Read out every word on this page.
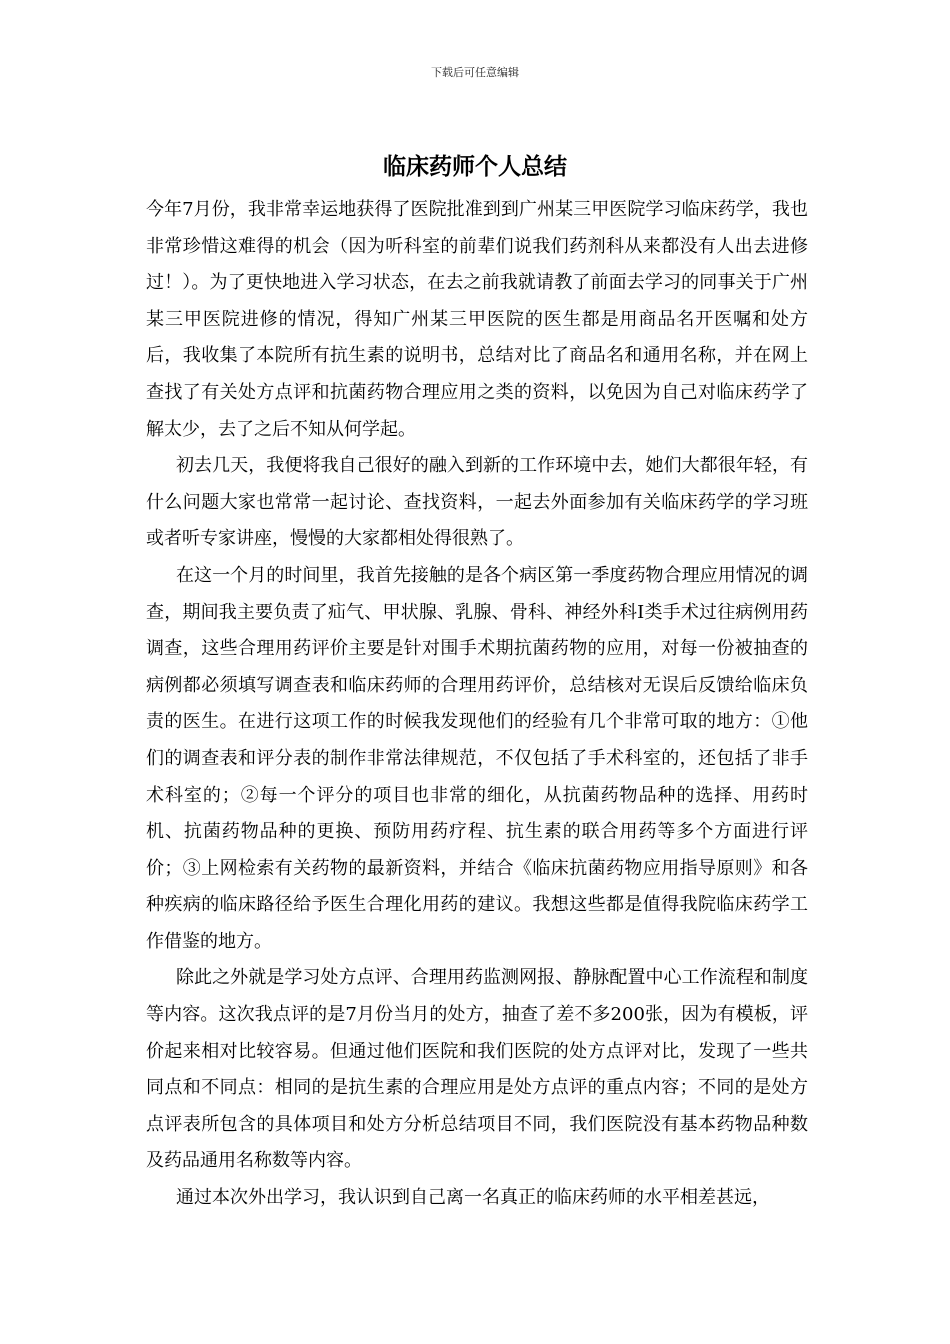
下载后可任意编辑
临床药师个人总结

今年7月份，我非常幸运地获得了医院批准到到广州某三甲医院学习临床药学，我也非常珍惜这难得的机会（因为听科室的前辈们说我们药剂科从来都没有人出去进修过！）。为了更快地进入学习状态，在去之前我就请教了前面去学习的同事关于广州某三甲医院进修的情况，得知广州某三甲医院的医生都是用商品名开医嘱和处方后，我收集了本院所有抗生素的说明书，总结对比了商品名和通用名称，并在网上查找了有关处方点评和抗菌药物合理应用之类的资料，以免因为自己对临床药学了解太少，去了之后不知从何学起。

初去几天，我便将我自己很好的融入到新的工作环境中去，她们大都很年轻，有什么问题大家也常常一起讨论、查找资料，一起去外面参加有关临床药学的学习班或者听专家讲座，慢慢的大家都相处得很熟了。

在这一个月的时间里，我首先接触的是各个病区第一季度药物合理应用情况的调查，期间我主要负责了疝气、甲状腺、乳腺、骨科、神经外科Ⅰ类手术过往病例用药调查，这些合理用药评价主要是针对围手术期抗菌药物的应用，对每一份被抽查的病例都必须填写调查表和临床药师的合理用药评价，总结核对无误后反馈给临床负责的医生。在进行这项工作的时候我发现他们的经验有几个非常可取的地方：①他们的调查表和评分表的制作非常法律规范，不仅包括了手术科室的，还包括了非手术科室的；②每一个评分的项目也非常的细化，从抗菌药物品种的选择、用药时机、抗菌药物品种的更换、预防用药疗程、抗生素的联合用药等多个方面进行评价；③上网检索有关药物的最新资料，并结合《临床抗菌药物应用指导原则》和各种疾病的临床路径给予医生合理化用药的建议。我想这些都是值得我院临床药学工作借鉴的地方。

除此之外就是学习处方点评、合理用药监测网报、静脉配置中心工作流程和制度等内容。这次我点评的是7月份当月的处方，抽查了差不多200张，因为有模板，评价起来相对比较容易。但通过他们医院和我们医院的处方点评对比，发现了一些共同点和不同点：相同的是抗生素的合理应用是处方点评的重点内容；不同的是处方点评表所包含的具体项目和处方分析总结项目不同，我们医院没有基本药物品种数及药品通用名称数等内容。

通过本次外出学习，我认识到自己离一名真正的临床药师的水平相差甚远，
